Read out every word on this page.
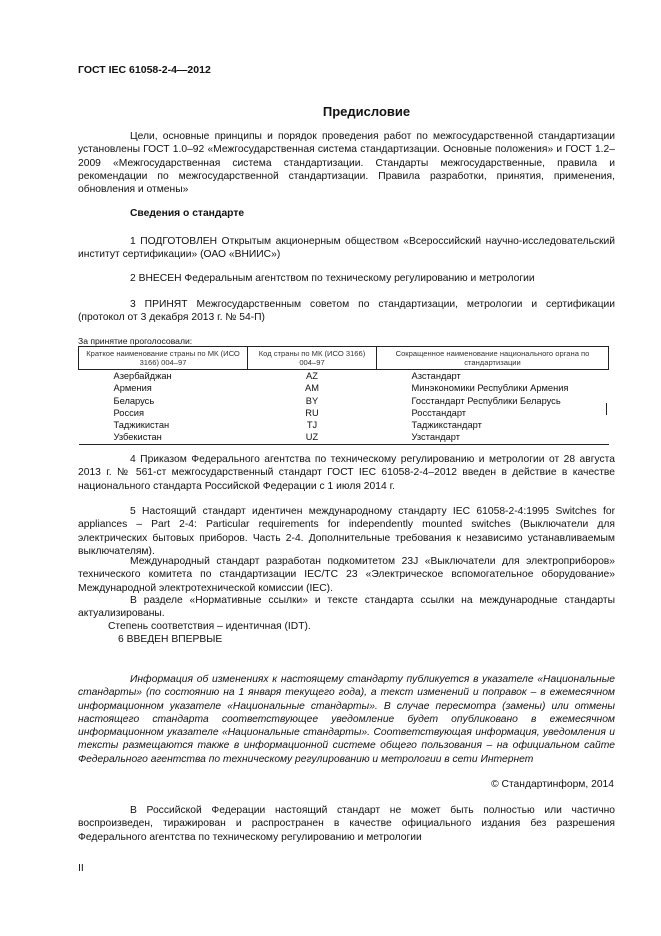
ГОСТ IEC 61058-2-4—2012
Предисловие

Цели, основные принципы и порядок проведения работ по межгосударственной стандартизации установлены ГОСТ 1.0–92 «Межгосударственная система стандартизации. Основные положения» и ГОСТ 1.2–2009 «Межгосударственная система стандартизации. Стандарты межгосударственные, правила и рекомендации по межгосударственной стандартизации. Правила разработки, принятия, применения, обновления и отмены»

Сведения о стандарте

1 ПОДГОТОВЛЕН Открытым акционерным обществом «Всероссийский научно-исследовательский институт сертификации» (ОАО «ВНИИС»)

2 ВНЕСЕН Федеральным агентством по техническому регулированию и метрологии

3 ПРИНЯТ Межгосударственным советом по стандартизации, метрологии и сертификации (протокол от 3 декабря 2013 г. № 54-П)

За принятие проголосовали:
Краткое наименование страны по МК (ИСО 3166) 004–97	Код страны по МК (ИСО 3166) 004–97	Сокращенное наименование национального органа по стандартизации
Азербайджан	AZ	Азстандарт
Армения	AM	Минэкономики Республики Армения
Беларусь	BY	Госстандарт Республики Беларусь
Россия	RU	Росстандарт
Таджикистан	TJ	Таджикстандарт
Узбекистан	UZ	Узстандарт

4 Приказом Федерального агентства по техническому регулированию и метрологии от 28 августа 2013 г. № 561-ст межгосударственный стандарт ГОСТ IEC 61058-2-4–2012 введен в действие в качестве национального стандарта Российской Федерации с 1 июля 2014 г.

5 Настоящий стандарт идентичен международному стандарту IEC 61058-2-4:1995 Switches for appliances – Part 2-4: Particular requirements for independently mounted switches (Выключатели для электрических бытовых приборов. Часть 2-4. Дополнительные требования к независимо устанавливаемым выключателям).

Международный стандарт разработан подкомитетом 23J «Выключатели для электроприборов» технического комитета по стандартизации IEC/TC 23 «Электрическое вспомогательное оборудование» Международной электротехнической комиссии (IEC).

В разделе «Нормативные ссылки» и тексте стандарта ссылки на международные стандарты актуализированы.

Степень соответствия – идентичная (IDT).

6 ВВЕДЕН ВПЕРВЫЕ

Информация об изменениях к настоящему стандарту публикуется в указателе «Национальные стандарты» (по состоянию на 1 января текущего года), а текст изменений и поправок – в ежемесячном информационном указателе «Национальные стандарты». В случае пересмотра (замены) или отмены настоящего стандарта соответствующее уведомление будет опубликовано в ежемесячном информационном указателе «Национальные стандарты». Соответствующая информация, уведомления и тексты размещаются также в информационной системе общего пользования – на официальном сайте Федерального агентства по техническому регулированию и метрологии в сети Интернет

© Стандартинформ, 2014

В Российской Федерации настоящий стандарт не может быть полностью или частично воспроизведен, тиражирован и распространен в качестве официального издания без разрешения Федерального агентства по техническому регулированию и метрологии

II
